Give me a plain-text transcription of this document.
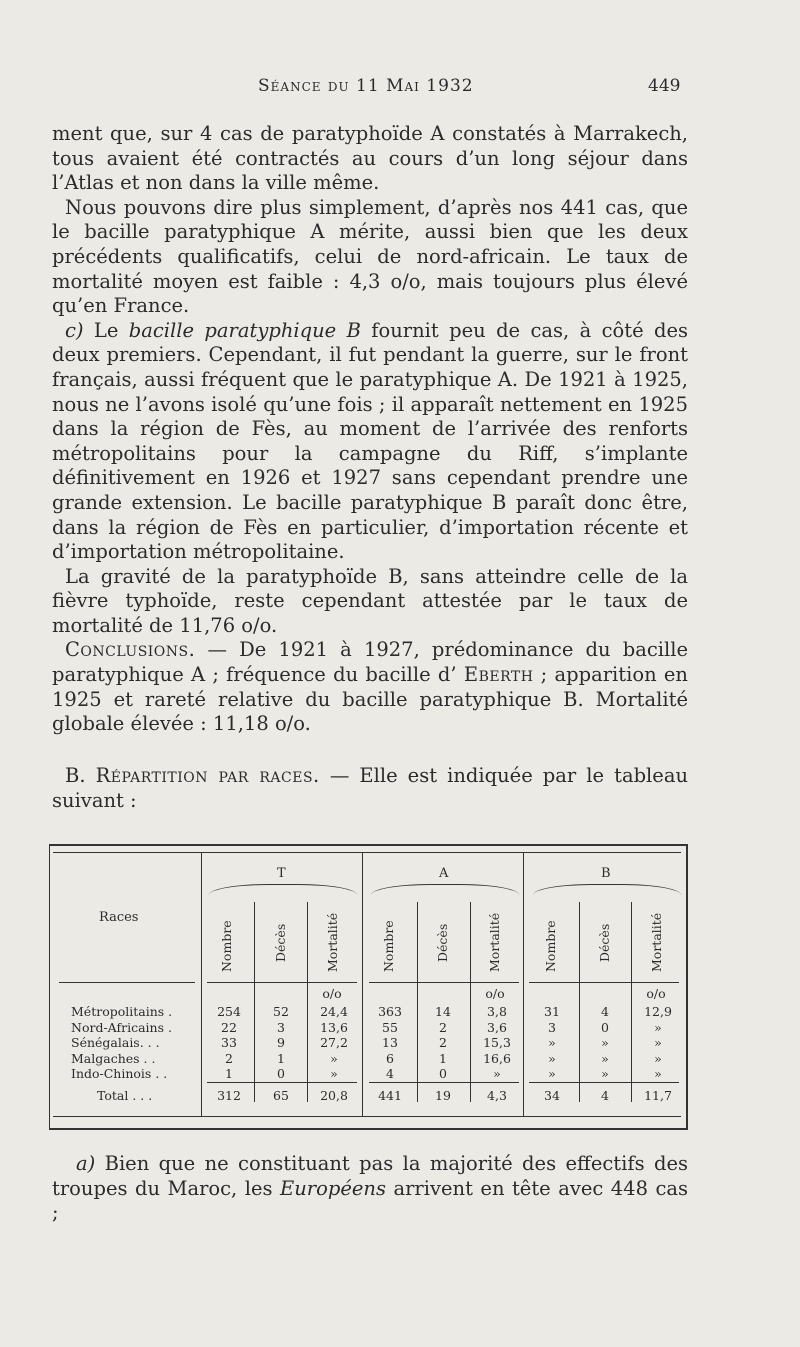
Séance du 11 Mai 1932	449

ment que, sur 4 cas de paratyphoïde A constatés à Marrakech, tous avaient été contractés au cours d’un long séjour dans l’Atlas et non dans la ville même.

Nous pouvons dire plus simplement, d’après nos 441 cas, que le bacille paratyphique A mérite, aussi bien que les deux précédents qualificatifs, celui de nord-africain. Le taux de mortalité moyen est faible : 4,3 o/o, mais toujours plus élevé qu’en France.

c) Le bacille paratyphique B fournit peu de cas, à côté des deux premiers. Cependant, il fut pendant la guerre, sur le front français, aussi fréquent que le paratyphique A. De 1921 à 1925, nous ne l’avons isolé qu’une fois ; il apparaît nettement en 1925 dans la région de Fès, au moment de l’arrivée des renforts métropolitains pour la campagne du Riff, s’implante définitivement en 1926 et 1927 sans cependant prendre une grande extension. Le bacille paratyphique B paraît donc être, dans la région de Fès en particulier, d’importation récente et d’importation métropolitaine.

La gravité de la paratyphoïde B, sans atteindre celle de la fièvre typhoïde, reste cependant attestée par le taux de mortalité de 11,76 o/o.

Conclusions. — De 1921 à 1927, prédominance du bacille paratyphique A ; fréquence du bacille d’ Eberth ; apparition en 1925 et rareté relative du bacille paratyphique B. Mortalité globale élevée : 11,18 o/o.

B. Répartition par races. — Elle est indiquée par le tableau suivant :

T	A	B
Races
Nombre	Décès	Mortalité	Nombre	Décès	Mortalité	Nombre	Décès	Mortalité
o/o	o/o	o/o
Métropolitains .	254	52	24,4	363	14	3,8	31	4	12,9
Nord-Africains .	22	3	13,6	55	2	3,6	3	0	»
Sénégalais. . .	33	9	27,2	13	2	15,3	»	»	»
Malgaches . .	2	1	»	6	1	16,6	»	»	»
Indo-Chinois . .	1	0	»	4	0	»	»	»	»
Total . . .	312	65	20,8	441	19	4,3	34	4	11,7

a) Bien que ne constituant pas la majorité des effectifs des troupes du Maroc, les Européens arrivent en tête avec 448 cas ;
